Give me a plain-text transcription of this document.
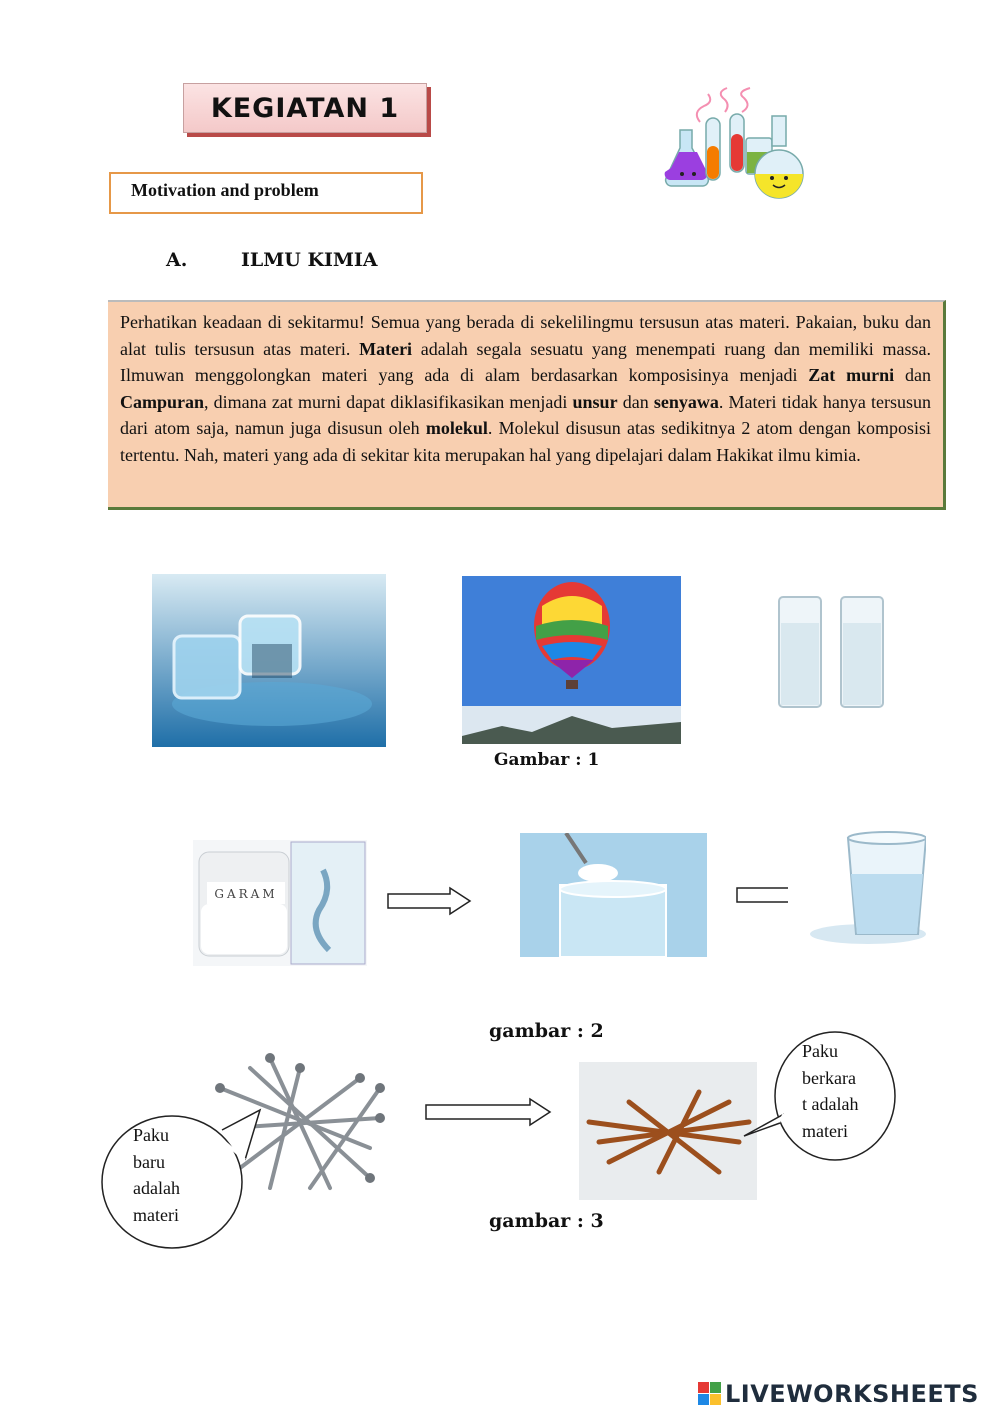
KEGIATAN 1
Motivation and problem
A.	ILMU KIMIA
Perhatikan keadaan di sekitarmu! Semua yang berada di sekelilingmu tersusun atas materi. Pakaian, buku dan alat tulis tersusun atas materi. Materi adalah segala sesuatu yang menempati ruang dan memiliki massa. Ilmuwan menggolongkan materi yang ada di alam berdasarkan komposisinya menjadi Zat murni dan Campuran, dimana zat murni dapat diklasifikasikan menjadi unsur dan senyawa. Materi tidak hanya tersusun dari atom saja, namun juga disusun oleh molekul. Molekul disusun atas sedikitnya 2 atom dengan komposisi tertentu. Nah, materi yang ada di sekitar kita merupakan hal yang dipelajari dalam Hakikat ilmu kimia.
Gambar : 1
GARAM
gambar : 2
Paku
baru
adalah
materi
Paku
berkara
t adalah
materi
gambar : 3
LIVEWORKSHEETS
